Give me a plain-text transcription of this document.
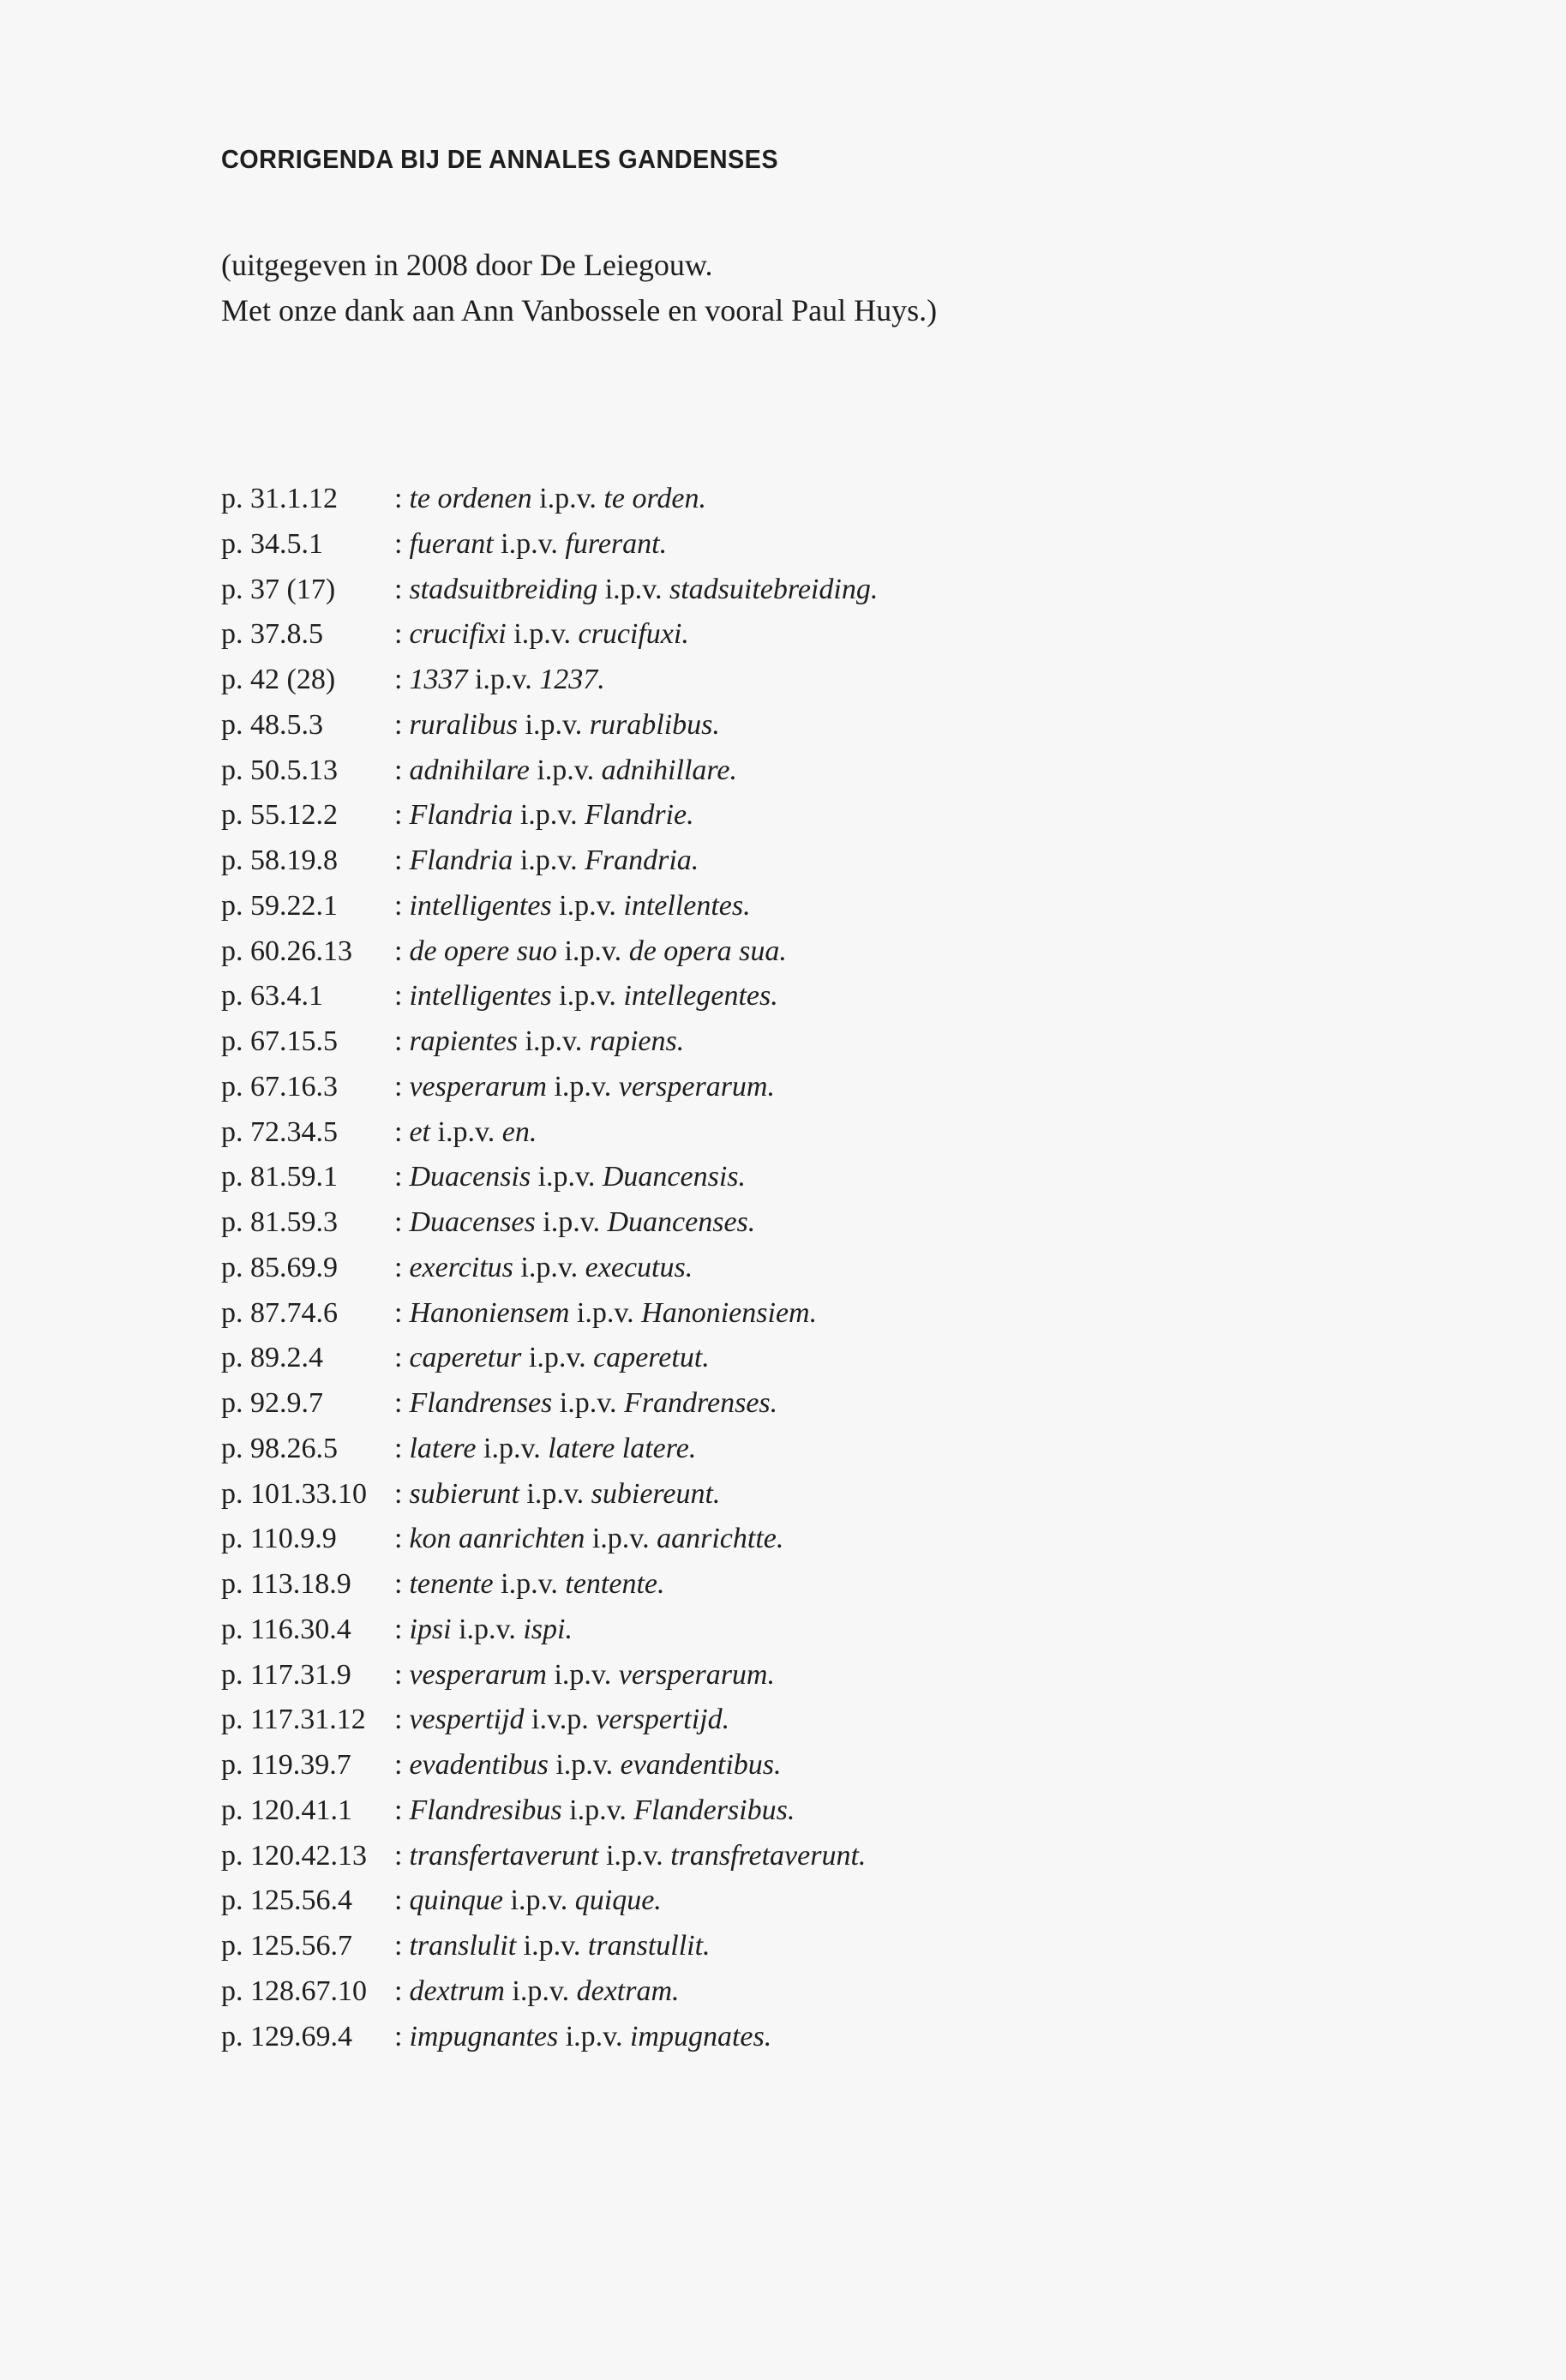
CORRIGENDA BIJ DE ANNALES GANDENSES
(uitgegeven in 2008 door De Leiegouw.
Met onze dank aan Ann Vanbossele en vooral Paul Huys.)
p. 31.1.12	: te ordenen i.p.v. te orden.
p. 34.5.1	: fuerant i.p.v. furerant.
p. 37 (17)	: stadsuitbreiding i.p.v. stadsuitebreiding.
p. 37.8.5	: crucifixi i.p.v. crucifuxi.
p. 42 (28)	: 1337 i.p.v. 1237.
p. 48.5.3	: ruralibus i.p.v. rurablibus.
p. 50.5.13	: adnihilare i.p.v. adnihillare.
p. 55.12.2	: Flandria i.p.v. Flandrie.
p. 58.19.8	: Flandria i.p.v. Frandria.
p. 59.22.1	: intelligentes i.p.v. intellentes.
p. 60.26.13	: de opere suo i.p.v. de opera sua.
p. 63.4.1	: intelligentes i.p.v. intellegentes.
p. 67.15.5	: rapientes i.p.v. rapiens.
p. 67.16.3	: vesperarum i.p.v. versperarum.
p. 72.34.5	: et i.p.v. en.
p. 81.59.1	: Duacensis i.p.v. Duancensis.
p. 81.59.3	: Duacenses i.p.v. Duancenses.
p. 85.69.9	: exercitus i.p.v. executus.
p. 87.74.6	: Hanoniensem i.p.v. Hanoniensiem.
p. 89.2.4	: caperetur i.p.v. caperetut.
p. 92.9.7	: Flandrenses i.p.v. Frandrenses.
p. 98.26.5	: latere i.p.v. latere latere.
p. 101.33.10 : subierunt i.p.v. subiereunt.
p. 110.9.9	: kon aanrichten i.p.v. aanrichtte.
p. 113.18.9	: tenente i.p.v. tentente.
p. 116.30.4	: ipsi i.p.v. ispi.
p. 117.31.9	: vesperarum i.p.v. versperarum.
p. 117.31.12 : vespertijd i.v.p. verspertijd.
p. 119.39.7	: evadentibus i.p.v. evandentibus.
p. 120.41.1	: Flandresibus i.p.v. Flandersibus.
p. 120.42.13 : transfertaverunt i.p.v. transfretaverunt.
p. 125.56.4	: quinque i.p.v. quique.
p. 125.56.7	: translulit i.p.v. transtullit.
p. 128.67.10 : dextrum i.p.v. dextram.
p. 129.69.4	: impugnantes i.p.v. impugnates.
